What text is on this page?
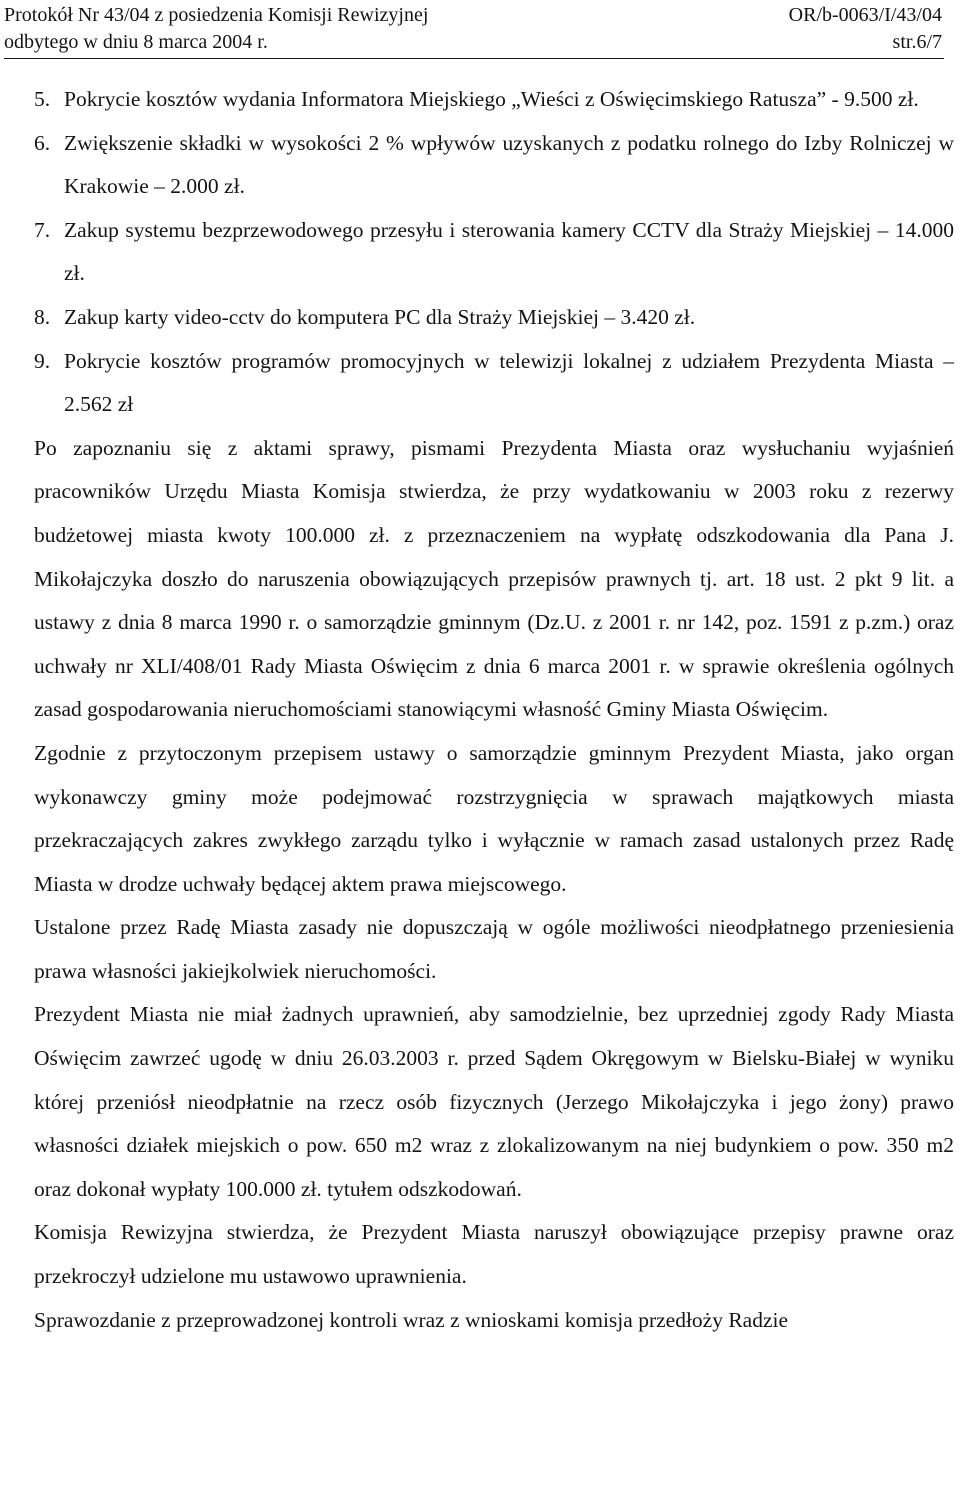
Protokół Nr 43/04 z posiedzenia Komisji Rewizyjnej	OR/b-0063/I/43/04
odbytego w dniu 8 marca 2004 r.	str.6/7
5. Pokrycie kosztów wydania Informatora Miejskiego „Wieści z Oświęcimskiego Ratusza” - 9.500 zł.
6. Zwiększenie składki w wysokości 2 % wpływów uzyskanych z podatku rolnego do Izby Rolniczej w Krakowie – 2.000 zł.
7. Zakup systemu bezprzewodowego przesyłu i sterowania kamery CCTV dla Straży Miejskiej – 14.000 zł.
8. Zakup karty video-cctv do komputera PC dla Straży Miejskiej – 3.420 zł.
9. Pokrycie kosztów programów promocyjnych w telewizji lokalnej z udziałem Prezydenta Miasta – 2.562 zł

Po zapoznaniu się z aktami sprawy, pismami Prezydenta Miasta oraz wysłuchaniu wyjaśnień pracowników Urzędu Miasta Komisja stwierdza, że przy wydatkowaniu w 2003 roku z rezerwy budżetowej miasta kwoty 100.000 zł. z przeznaczeniem na wypłatę odszkodowania dla Pana J. Mikołajczyka doszło do naruszenia obowiązujących przepisów prawnych tj. art. 18 ust. 2 pkt 9 lit. a ustawy z dnia 8 marca 1990 r. o samorządzie gminnym (Dz.U. z 2001 r. nr 142, poz. 1591 z p.zm.) oraz uchwały nr XLI/408/01 Rady Miasta Oświęcim z dnia 6 marca 2001 r. w sprawie określenia ogólnych zasad gospodarowania nieruchomościami stanowiącymi własność Gminy Miasta Oświęcim.

Zgodnie z przytoczonym przepisem ustawy o samorządzie gminnym Prezydent Miasta, jako organ wykonawczy gminy może podejmować rozstrzygnięcia w sprawach majątkowych miasta przekraczających zakres zwykłego zarządu tylko i wyłącznie w ramach zasad ustalonych przez Radę Miasta w drodze uchwały będącej aktem prawa miejscowego.

Ustalone przez Radę Miasta zasady nie dopuszczają w ogóle możliwości nieodpłatnego przeniesienia prawa własności jakiejkolwiek nieruchomości.

Prezydent Miasta nie miał żadnych uprawnień, aby samodzielnie, bez uprzedniej zgody Rady Miasta Oświęcim zawrzeć ugodę w dniu 26.03.2003 r. przed Sądem Okręgowym w Bielsku-Białej w wyniku której przeniósł nieodpłatnie na rzecz osób fizycznych (Jerzego Mikołajczyka i jego żony) prawo własności działek miejskich o pow. 650 m2 wraz z zlokalizowanym na niej budynkiem o pow. 350 m2 oraz dokonał wypłaty 100.000 zł. tytułem odszkodowań.

Komisja Rewizyjna stwierdza, że Prezydent Miasta naruszył obowiązujące przepisy prawne oraz przekroczył udzielone mu ustawowo uprawnienia.

Sprawozdanie z przeprowadzonej kontroli wraz z wnioskami komisja przedłoży Radzie
